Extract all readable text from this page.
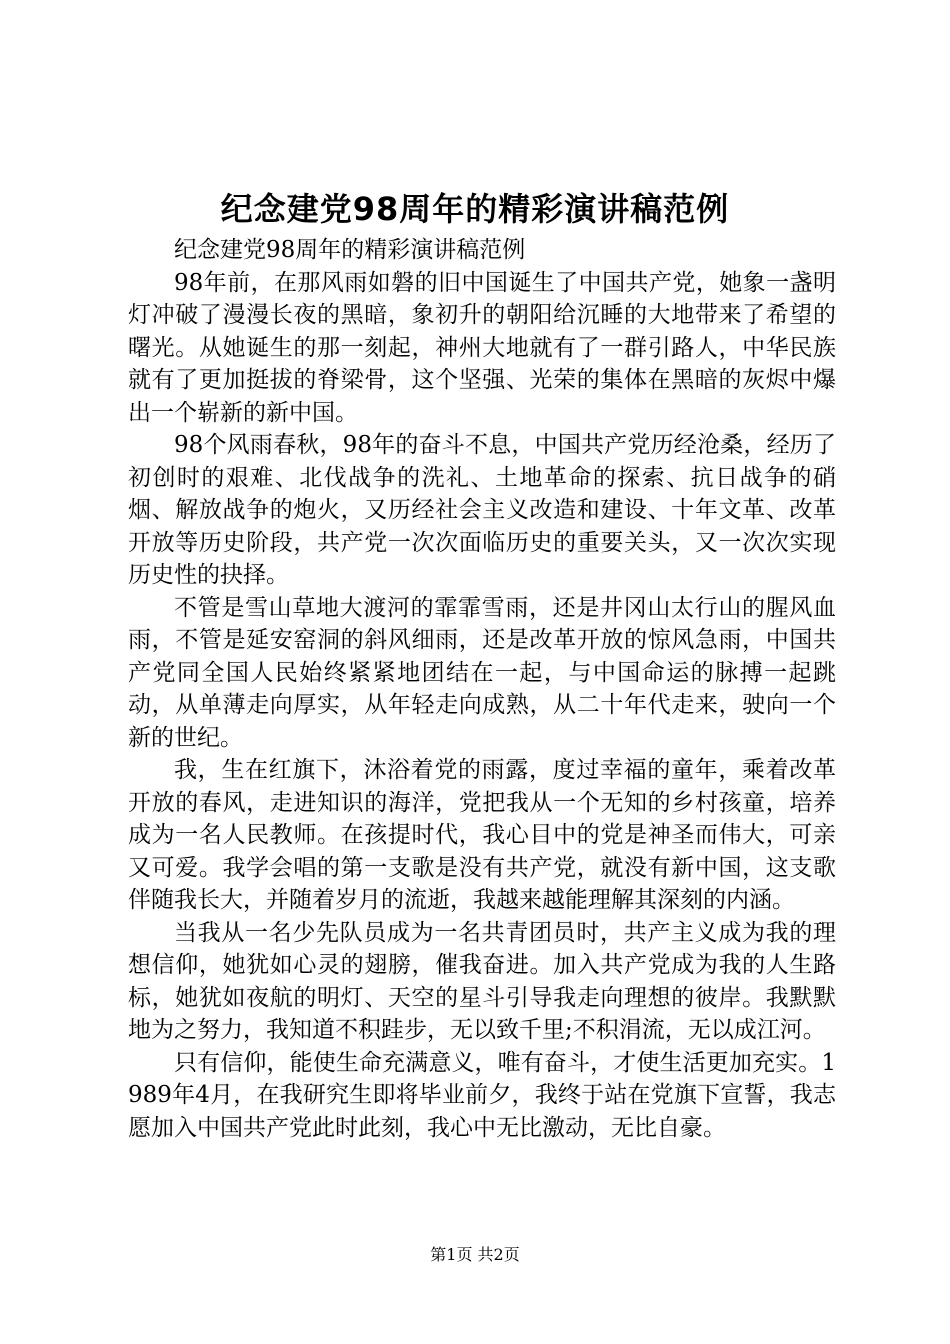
纪念建党98周年的精彩演讲稿范例

纪念建党98周年的精彩演讲稿范例

98年前，在那风雨如磐的旧中国诞生了中国共产党，她象一盏明灯冲破了漫漫长夜的黑暗，象初升的朝阳给沉睡的大地带来了希望的曙光。从她诞生的那一刻起，神州大地就有了一群引路人，中华民族就有了更加挺拔的脊梁骨，这个坚强、光荣的集体在黑暗的灰烬中爆出一个崭新的新中国。

98个风雨春秋，98年的奋斗不息，中国共产党历经沧桑，经历了初创时的艰难、北伐战争的洗礼、土地革命的探索、抗日战争的硝烟、解放战争的炮火，又历经社会主义改造和建设、十年文革、改革开放等历史阶段，共产党一次次面临历史的重要关头，又一次次实现历史性的抉择。

不管是雪山草地大渡河的霏霏雪雨，还是井冈山太行山的腥风血雨，不管是延安窑洞的斜风细雨，还是改革开放的惊风急雨，中国共产党同全国人民始终紧紧地团结在一起，与中国命运的脉搏一起跳动，从单薄走向厚实，从年轻走向成熟，从二十年代走来，驶向一个新的世纪。

我，生在红旗下，沐浴着党的雨露，度过幸福的童年，乘着改革开放的春风，走进知识的海洋，党把我从一个无知的乡村孩童，培养成为一名人民教师。在孩提时代，我心目中的党是神圣而伟大，可亲又可爱。我学会唱的第一支歌是没有共产党，就没有新中国，这支歌伴随我长大，并随着岁月的流逝，我越来越能理解其深刻的内涵。

当我从一名少先队员成为一名共青团员时，共产主义成为我的理想信仰，她犹如心灵的翅膀，催我奋进。加入共产党成为我的人生路标，她犹如夜航的明灯、天空的星斗引导我走向理想的彼岸。我默默地为之努力，我知道不积跬步，无以致千里;不积涓流，无以成江河。

只有信仰，能使生命充满意义，唯有奋斗，才使生活更加充实。1989年4月，在我研究生即将毕业前夕，我终于站在党旗下宣誓，我志愿加入中国共产党此时此刻，我心中无比激动，无比自豪。

第1页 共2页
